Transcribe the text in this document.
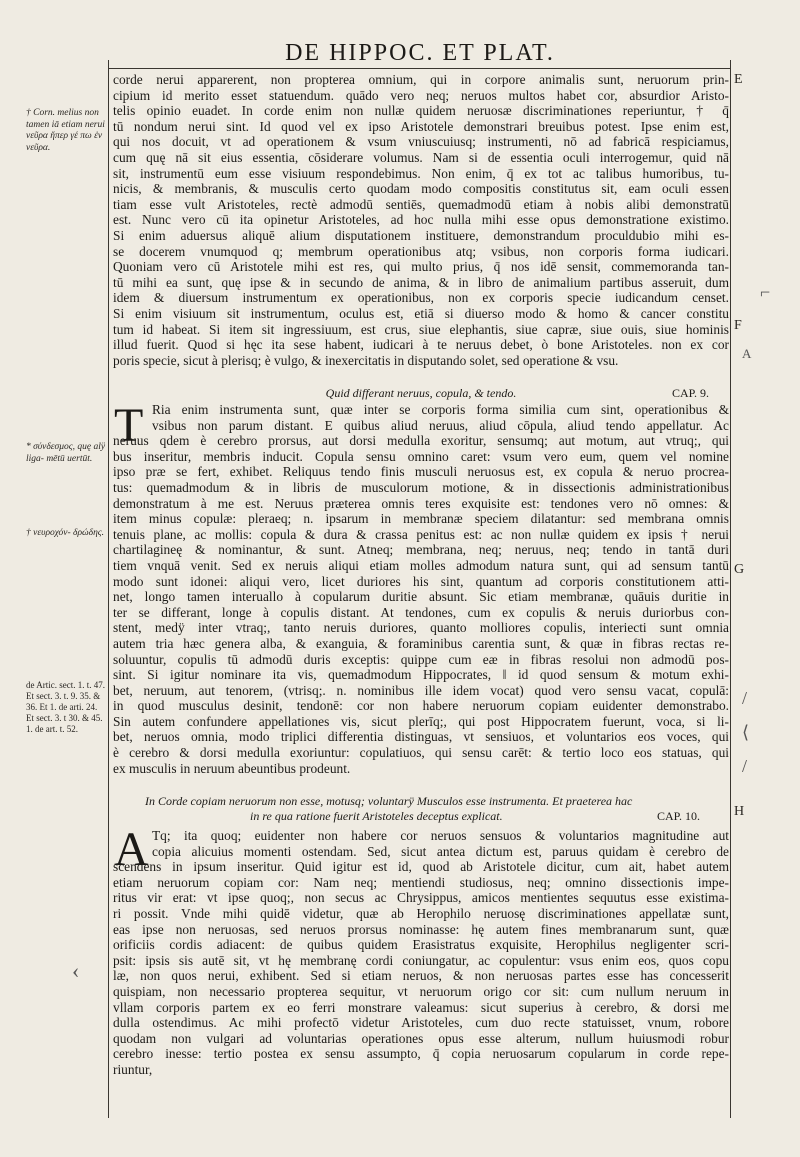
DE HIPPOC. ET PLAT.
† Corn. melius non tamen iā etiam nerui
νεῦρα ἤπερ γέ πω ἐν νεῦρα.
* σύνδεσμος, quę alÿ liga- mētū uertūt.
† νευροχόν- δρώδης.
de Artic. sect. 1. t. 47. Et sect. 3. t. 9. 35. & 36. Et 1. de arti. 24. Et sect. 3. t 30. & 45. 1. de art. t. 52.
E
F
G
H
⌐
A
/
⟨
/
‹
corde nerui apparerent, non propterea omnium, qui in corpore animalis sunt, neruorum prin-
cipium id merito esset statuendum. quādo vero neq; neruos multos habet cor, absurdior Aristo-
telis opinio euadet. In corde enim non nullæ quidem neruosæ discriminationes reperiuntur, † q̄
tū nondum nerui sint. Id quod vel ex ipso Aristotele demonstrari breuibus potest. Ipse enim est,
qui nos docuit, vt ad operationem & vsum vniuscuiusq; instrumenti, nō ad fabricā respiciamus,
cum quę nā sit eius essentia, cōsiderare volumus. Nam si de essentia oculi interrogemur, quid nā
sit, instrumentū eum esse visiuum respondebimus. Non enim, q̄ ex tot ac talibus humoribus, tu-
nicis, & membranis, & musculis certo quodam modo compositis constitutus sit, eam oculi essen
tiam esse vult Aristoteles, rectè admodū sentiēs, quemadmodū etiam à nobis alibi demonstratū
est. Nunc vero cū ita opinetur Aristoteles, ad hoc nulla mihi esse opus demonstratione existimo.
Si enim aduersus aliquē alium disputationem instituere, demonstrandum proculdubio mihi es-
se docerem vnumquod q; membrum operationibus atq; vsibus, non corporis forma iudicari.
Quoniam vero cū Aristotele mihi est res, qui multo prius, q̄ nos idē sensit, commemoranda tan-
tū mihi ea sunt, quę ipse & in secundo de anima, & in libro de animalium partibus asseruit, dum
idem & diuersum instrumentum ex operationibus, non ex corporis specie iudicandum censet.
Si enim visiuum sit instrumentum, oculus est, etiā si diuerso modo & homo & cancer constitu
tum id habeat. Si item sit ingressiuum, est crus, siue elephantis, siue capræ, siue ouis, siue hominis
illud fuerit. Quod si hęc ita sese habent, iudicari à te neruus debet, ò bone Aristoteles. non ex cor
poris specie, sicut à plerisq; è vulgo, & inexercitatis in disputando solet, sed operatione & vsu.
Quid differant neruus, copula, & tendo.	CAP. 9.
T Ria enim instrumenta sunt, quæ inter se corporis forma similia cum sint, operationibus &
vsibus non parum distant. E quibus aliud neruus, aliud cōpula, aliud tendo appellatur. Ac
neruus qdem è cerebro prorsus, aut dorsi medulla exoritur, sensumq; aut motum, aut vtruq;, qui
bus inseritur, membris inducit. Copula sensu omnino caret: vsum vero eum, quem vel nomine
ipso præ se fert, exhibet. Reliquus tendo finis musculi neruosus est, ex copula & neruo procrea-
tus: quemadmodum & in libris de musculorum motione, & in dissectionis administrationibus
demonstratum à me est. Neruus præterea omnis teres exquisite est: tendones vero nō omnes: &
item minus copulæ: pleraeq; n. ipsarum in membranæ speciem dilatantur: sed membrana omnis
tenuis plane, ac mollis: copula & dura & crassa penitus est: ac non nullæ quidem ex ipsis † nerui
chartilagineę & nominantur, & sunt. Atneq; membrana, neq; neruus, neq; tendo in tantā duri
tiem vnquā venit. Sed ex neruis aliqui etiam molles admodum natura sunt, qui ad sensum tantū
modo sunt idonei: aliqui vero, licet duriores his sint, quantum ad corporis constitutionem atti-
net, longo tamen interuallo à copularum duritie absunt. Sic etiam membranæ, quāuis duritie in
ter se differant, longe à copulis distant. At tendones, cum ex copulis & neruis duriorbus con-
stent, medÿ inter vtraq;, tanto neruis duriores, quanto molliores copulis, interiecti sunt omnia
autem tria hæc genera alba, & exanguia, & foraminibus carentia sunt, & quæ in fibras rectas re-
soluuntur, copulis tū admodū duris exceptis: quippe cum eæ in fibras resolui non admodū pos-
sint. Si igitur nominare ita vis, quemadmodum Hippocrates, ‖ id quod sensum & motum exhi-
bet, neruum, aut tenorem, (vtrisq;. n. nominibus ille idem vocat) quod vero sensu vacat, copulā:
in quod musculus desinit, tendonē: cor non habere neruorum copiam euidenter demonstrabo.
Sin autem confundere appellationes vis, sicut plerīq;, qui post Hippocratem fuerunt, voca, si li-
bet, neruos omnia, modo triplici differentia distinguas, vt sensiuos, et voluntarios eos voces, qui
è cerebro & dorsi medulla exoriuntur: copulatiuos, qui sensu carēt: & tertio loco eos statuas, qui
ex musculis in neruum abeuntibus prodeunt.
In Corde copiam neruorum non esse, motusq; voluntarÿ Musculos esse instrumenta. Et praeterea hac
in re qua ratione fuerit Aristoteles deceptus explicat.	CAP. 10.
A Tq; ita quoq; euidenter non habere cor neruos sensuos & voluntarios magnitudine aut
copia alicuius momenti ostendam. Sed, sicut antea dictum est, paruus quidam è cerebro de
scendens in ipsum inseritur. Quid igitur est id, quod ab Aristotele dicitur, cum ait, habet autem
etiam neruorum copiam cor: Nam neq; mentiendi studiosus, neq; omnino dissectionis impe-
ritus vir erat: vt ipse quoq;, non secus ac Chrysippus, amicos mentientes sequutus esse existima-
ri possit. Vnde mihi quidē videtur, quæ ab Herophilo neruosę discriminationes appellatæ sunt,
eas ipse non neruosas, sed neruos prorsus nominasse: hę autem fines membranarum sunt, quæ
orificiis cordis adiacent: de quibus quidem Erasistratus exquisite, Herophilus negligenter scri-
psit: ipsis sis autē sit, vt hę membranę cordi coniungatur, ac copulentur: vsus enim eos, quos copu
læ, non quos nerui, exhibent. Sed si etiam neruos, & non neruosas partes esse has concesserit
quispiam, non necessario propterea sequitur, vt neruorum origo cor sit: cum nullum neruum in
vllam corporis partem ex eo ferri monstrare valeamus: sicut superius à cerebro, & dorsi me
dulla ostendimus. Ac mihi profectō videtur Aristoteles, cum duo recte statuisset, vnum, robore
quodam non vulgari ad voluntarias operationes opus esse alterum, nullum huiusmodi robur
cerebro inesse: tertio postea ex sensu assumpto, q̄ copia neruosarum copularum in corde repe-
riuntur,
